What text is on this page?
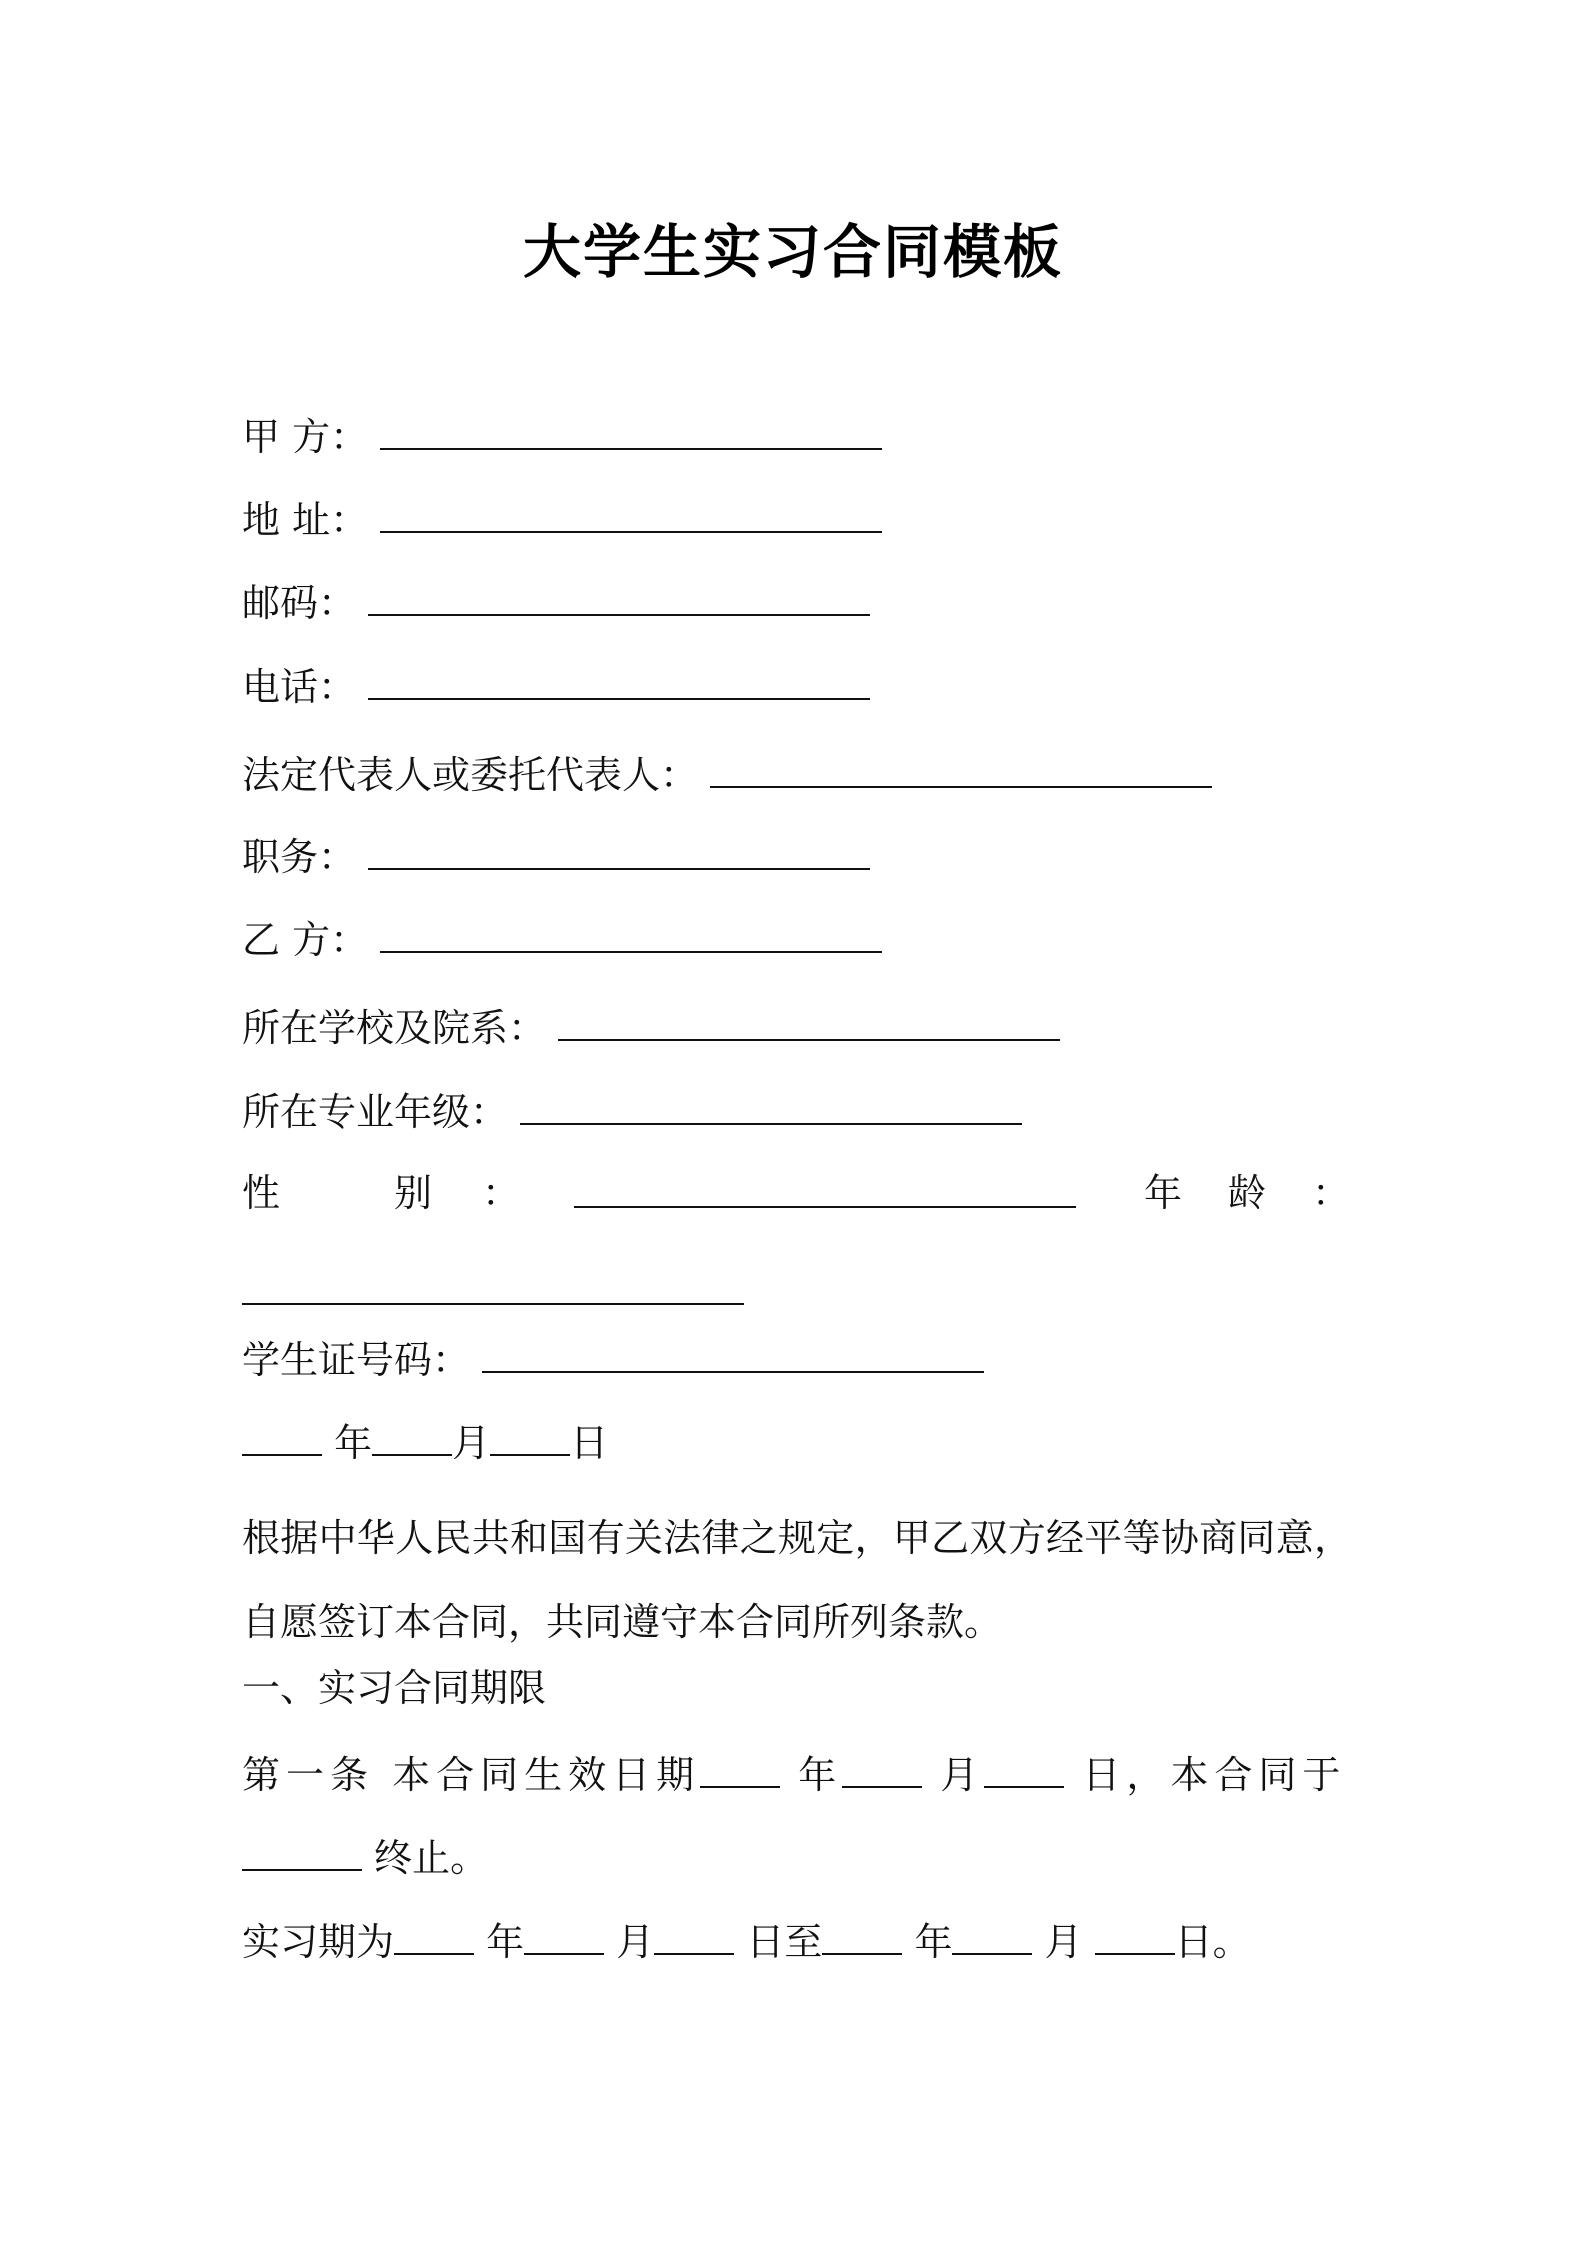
大学生实习合同模板
甲 方：
地 址：
邮码：
电话：
法定代表人或委托代表人：
职务：
乙 方：
所在学校及院系：
所在专业年级：
性	别 ：	年 龄 ：
学生证号码：
年 月 日
根据中华人民共和国有关法律之规定，甲乙双方经平等协商同意，自愿签订本合同，共同遵守本合同所列条款。
一、实习合同期限
第一条 本合同生效日期	年	月	日，本合同于
终止。
实习期为 年 月 日至 年 月 日。
